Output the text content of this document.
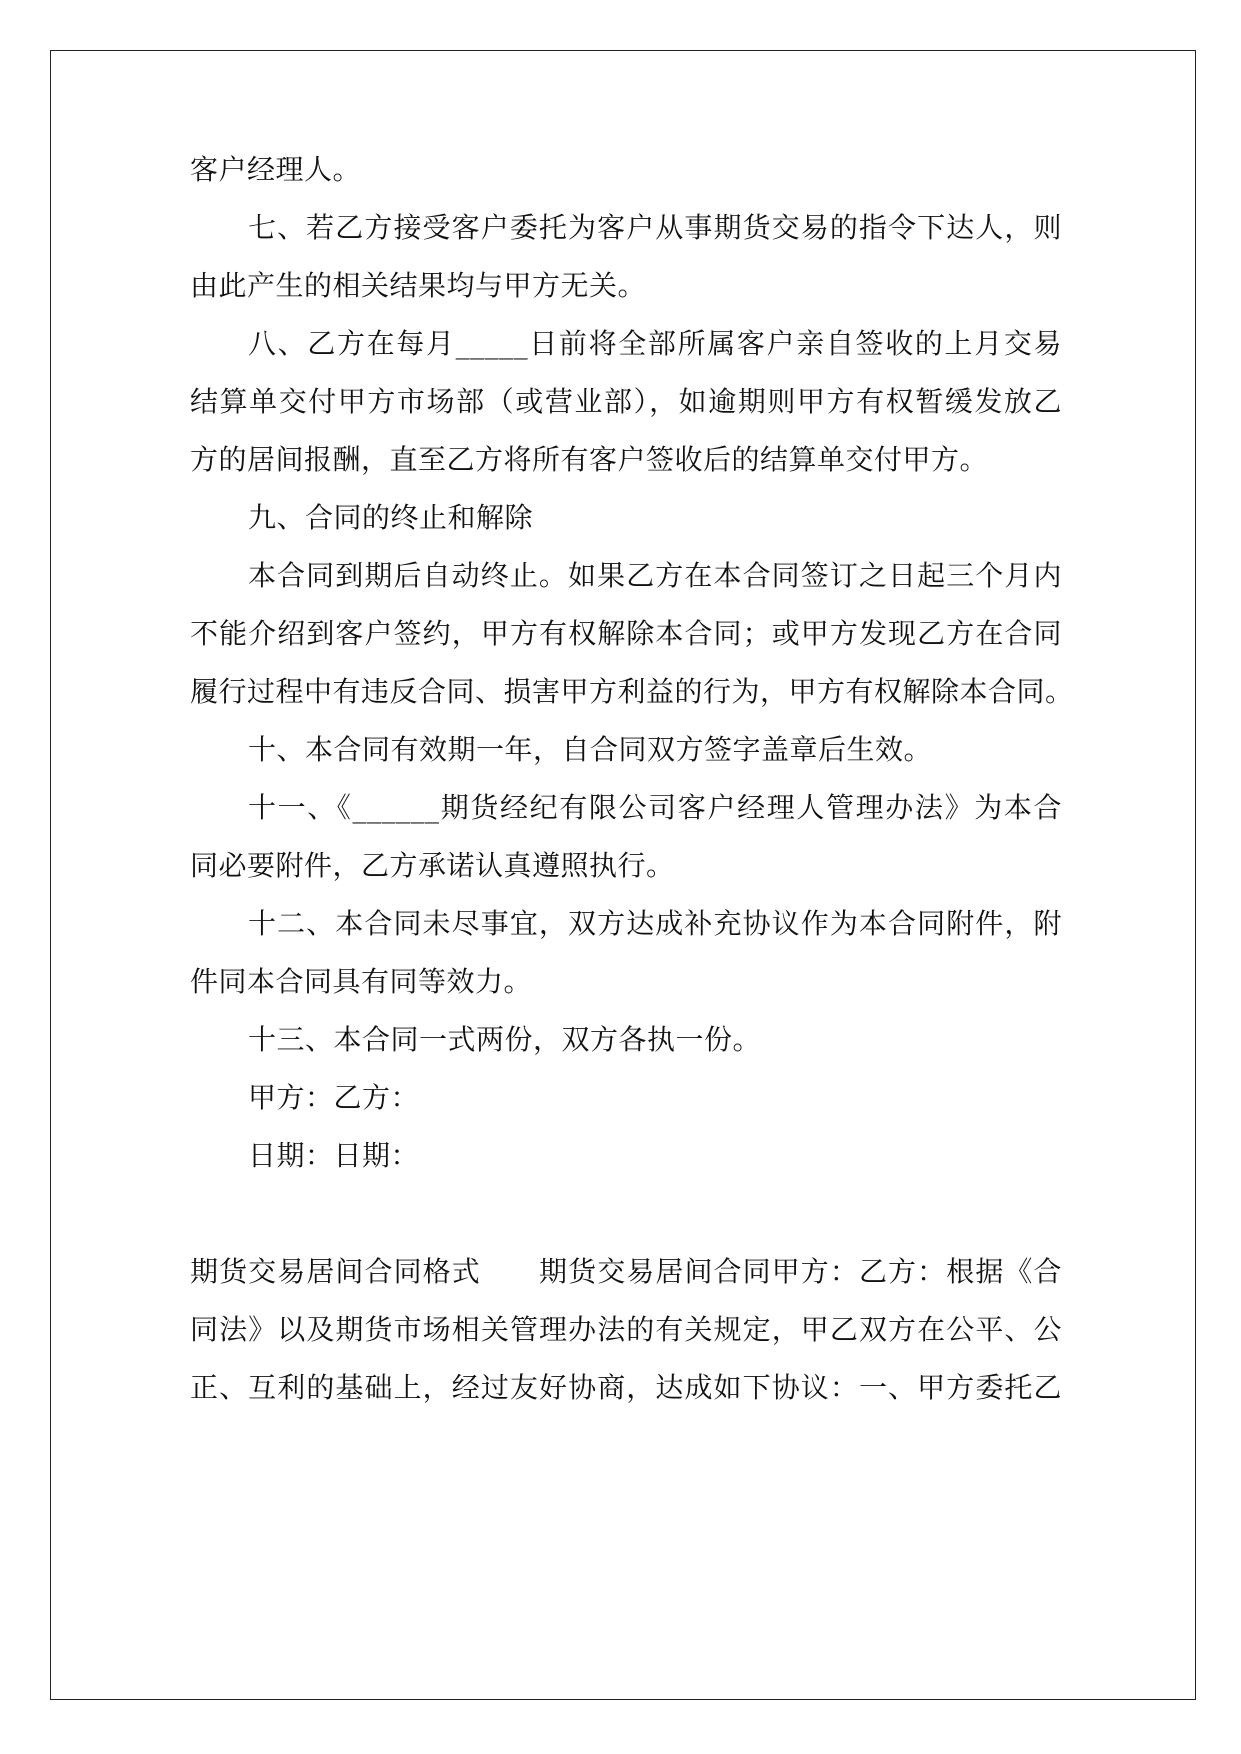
客户经理人。
七、若乙方接受客户委托为客户从事期货交易的指令下达人，则
由此产生的相关结果均与甲方无关。
八、乙方在每月_____日前将全部所属客户亲自签收的上月交易
结算单交付甲方市场部（或营业部），如逾期则甲方有权暂缓发放乙
方的居间报酬，直至乙方将所有客户签收后的结算单交付甲方。
九、合同的终止和解除
本合同到期后自动终止。如果乙方在本合同签订之日起三个月内
不能介绍到客户签约，甲方有权解除本合同；或甲方发现乙方在合同
履行过程中有违反合同、损害甲方利益的行为，甲方有权解除本合同。
十、本合同有效期一年，自合同双方签字盖章后生效。
十一、《______期货经纪有限公司客户经理人管理办法》为本合
同必要附件，乙方承诺认真遵照执行。
十二、本合同未尽事宜，双方达成补充协议作为本合同附件，附
件同本合同具有同等效力。
十三、本合同一式两份，双方各执一份。
甲方：乙方：
日期：日期：
期货交易居间合同格式　　期货交易居间合同甲方：乙方：根据《合
同法》以及期货市场相关管理办法的有关规定，甲乙双方在公平、公
正、互利的基础上，经过友好协商，达成如下协议：一、甲方委托乙
